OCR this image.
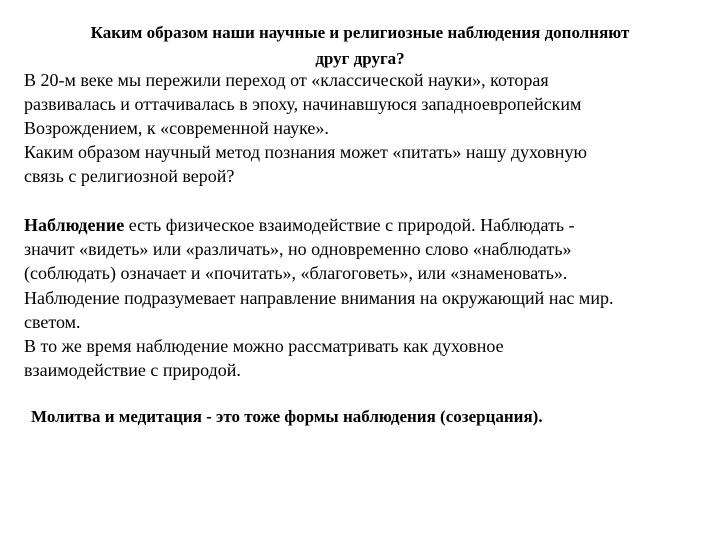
Каким образом наши научные и религиозные наблюдения дополняют
друг друга?

В 20-м веке мы пережили переход от «классической науки», которая
развивалась и оттачивалась в эпоху, начинавшуюся западноевропейским
Возрождением, к «современной науке».

Каким образом научный метод познания может «питать» нашу духовную
связь с религиозной верой?

Наблюдение есть физическое взаимодействие с природой. Наблюдать -
значит «видеть» или «различать», но одновременно слово «наблюдать»
(соблюдать) означает и «почитать», «благоговеть», или «знаменовать».
Наблюдение подразумевает направление внимания на окружающий нас мир.
светом.

В то же время наблюдение можно рассматривать как духовное
взаимодействие с природой.

Молитва и медитация - это тоже формы наблюдения (созерцания).
